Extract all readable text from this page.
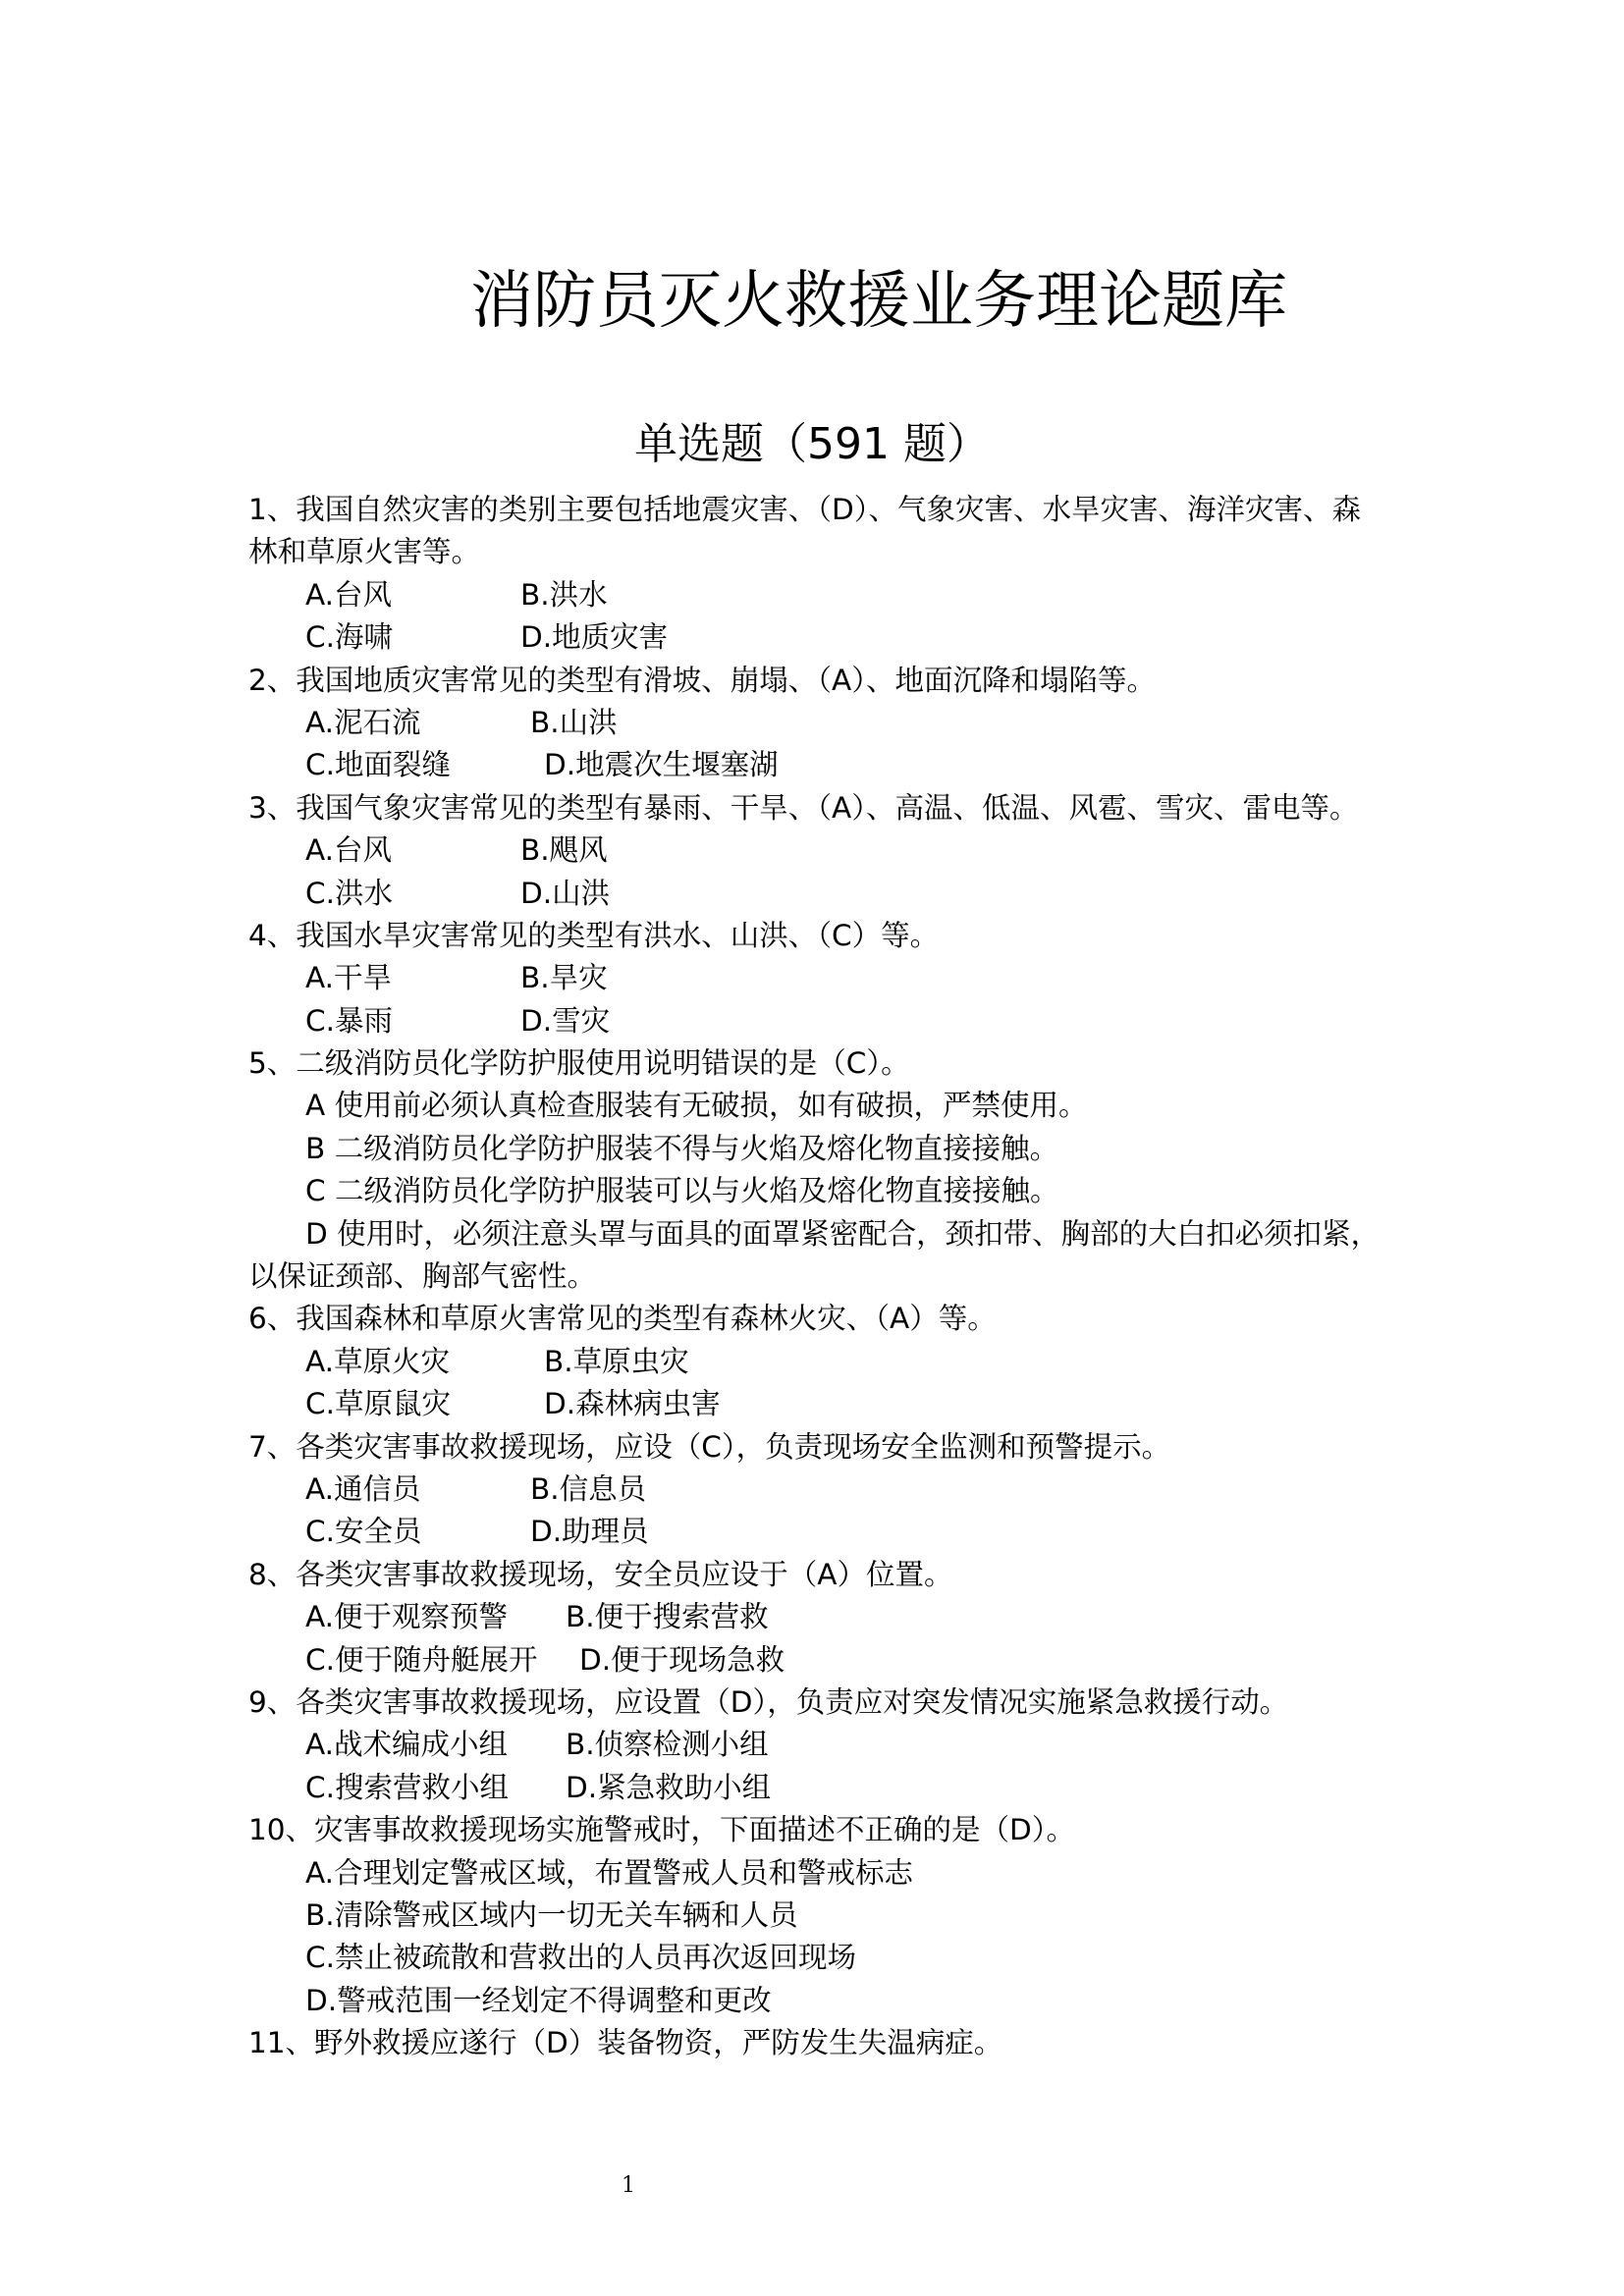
消防员灭火救援业务理论题库
单选题（591 题）
1、我国自然灾害的类别主要包括地震灾害、（D）、气象灾害、水旱灾害、海洋灾害、森
林和草原火害等。
A.台风	B.洪水
C.海啸	D.地质灾害
2、我国地质灾害常见的类型有滑坡、崩塌、（A）、地面沉降和塌陷等。
A.泥石流	B.山洪
C.地面裂缝	D.地震次生堰塞湖
3、我国气象灾害常见的类型有暴雨、干旱、（A）、高温、低温、风雹、雪灾、雷电等。
A.台风	B.飓风
C.洪水	D.山洪
4、我国水旱灾害常见的类型有洪水、山洪、（C）等。
A.干旱	B.旱灾
C.暴雨	D.雪灾
5、二级消防员化学防护服使用说明错误的是（C）。
A 使用前必须认真检查服装有无破损，如有破损，严禁使用。
B 二级消防员化学防护服装不得与火焰及熔化物直接接触。
C 二级消防员化学防护服装可以与火焰及熔化物直接接触。
D 使用时，必须注意头罩与面具的面罩紧密配合，颈扣带、胸部的大白扣必须扣紧，
以保证颈部、胸部气密性。
6、我国森林和草原火害常见的类型有森林火灾、（A）等。
A.草原火灾	B.草原虫灾
C.草原鼠灾	D.森林病虫害
7、各类灾害事故救援现场，应设（C），负责现场安全监测和预警提示。
A.通信员	B.信息员
C.安全员	D.助理员
8、各类灾害事故救援现场，安全员应设于（A）位置。
A.便于观察预警 B.便于搜索营救
C.便于随舟艇展开 D.便于现场急救
9、各类灾害事故救援现场，应设置（D），负责应对突发情况实施紧急救援行动。
A.战术编成小组 B.侦察检测小组
C.搜索营救小组 D.紧急救助小组
10、灾害事故救援现场实施警戒时，下面描述不正确的是（D）。
A.合理划定警戒区域，布置警戒人员和警戒标志
B.清除警戒区域内一切无关车辆和人员
C.禁止被疏散和营救出的人员再次返回现场
D.警戒范围一经划定不得调整和更改
11、野外救援应遂行（D）装备物资，严防发生失温病症。
1
